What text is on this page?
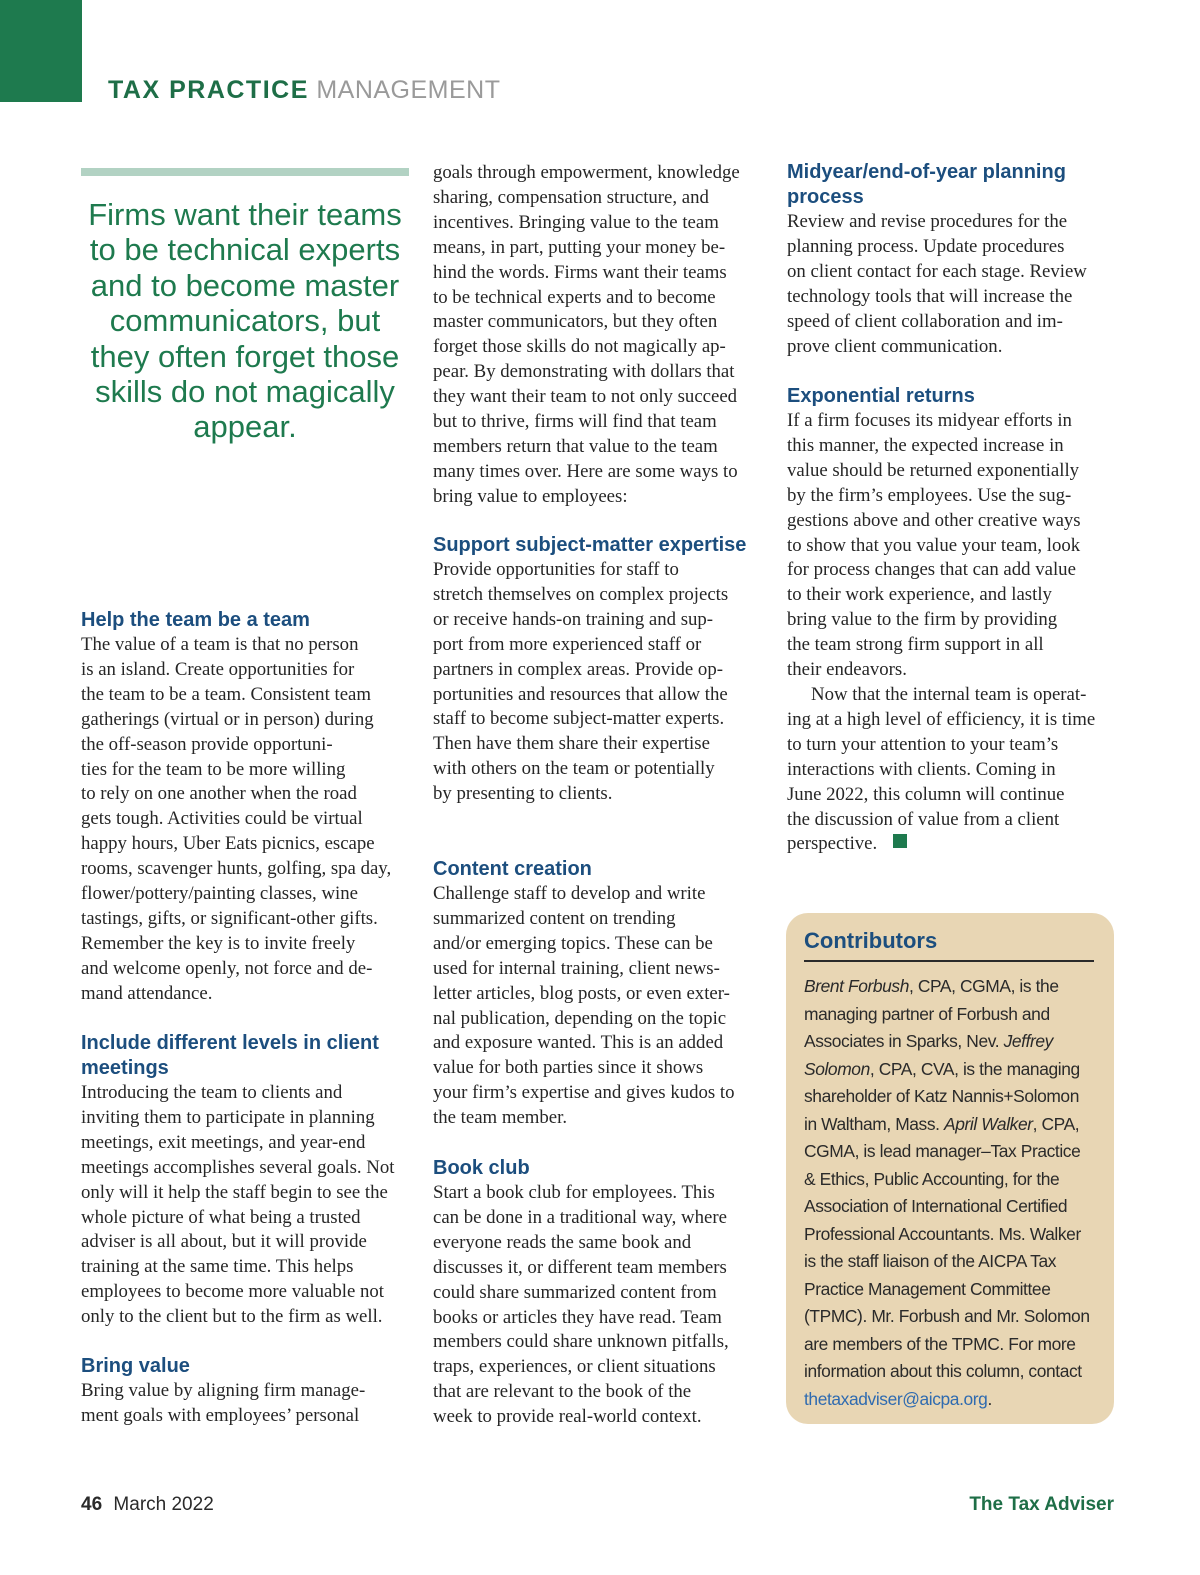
TAX PRACTICE MANAGEMENT
Firms want their teams to be technical experts and to become master communicators, but they often forget those skills do not magically appear.
Help the team be a team

The value of a team is that no person
is an island. Create opportunities for
the team to be a team. Consistent team
gatherings (virtual or in person) during
the off-season provide opportuni-
ties for the team to be more willing
to rely on one another when the road
gets tough. Activities could be virtual
happy hours, Uber Eats picnics, escape
rooms, scavenger hunts, golfing, spa day,
flower/pottery/painting classes, wine
tastings, gifts, or significant-other gifts.
Remember the key is to invite freely
and welcome openly, not force and de-
mand attendance.

Include different levels in client meetings

Introducing the team to clients and
inviting them to participate in planning
meetings, exit meetings, and year-end
meetings accomplishes several goals. Not
only will it help the staff begin to see the
whole picture of what being a trusted
adviser is all about, but it will provide
training at the same time. This helps
employees to become more valuable not
only to the client but to the firm as well.

Bring value

Bring value by aligning firm manage-
ment goals with employees’ personal

goals through empowerment, knowledge
sharing, compensation structure, and
incentives. Bringing value to the team
means, in part, putting your money be-
hind the words. Firms want their teams
to be technical experts and to become
master communicators, but they often
forget those skills do not magically ap-
pear. By demonstrating with dollars that
they want their team to not only succeed
but to thrive, firms will find that team
members return that value to the team
many times over. Here are some ways to
bring value to employees:

Support subject-matter expertise

Provide opportunities for staff to
stretch themselves on complex projects
or receive hands-on training and sup-
port from more experienced staff or
partners in complex areas. Provide op-
portunities and resources that allow the
staff to become subject-matter experts.
Then have them share their expertise
with others on the team or potentially
by presenting to clients.

Content creation

Challenge staff to develop and write
summarized content on trending
and/or emerging topics. These can be
used for internal training, client news-
letter articles, blog posts, or even exter-
nal publication, depending on the topic
and exposure wanted. This is an added
value for both parties since it shows
your firm’s expertise and gives kudos to
the team member.

Book club

Start a book club for employees. This
can be done in a traditional way, where
everyone reads the same book and
discusses it, or different team members
could share summarized content from
books or articles they have read. Team
members could share unknown pitfalls,
traps, experiences, or client situations
that are relevant to the book of the
week to provide real-world context.

Midyear/end-of-year planning process

Review and revise procedures for the
planning process. Update procedures
on client contact for each stage. Review
technology tools that will increase the
speed of client collaboration and im-
prove client communication.

Exponential returns

If a firm focuses its midyear efforts in
this manner, the expected increase in
value should be returned exponentially
by the firm’s employees. Use the sug-
gestions above and other creative ways
to show that you value your team, look
for process changes that can add value
to their work experience, and lastly
bring value to the firm by providing
the team strong firm support in all
their endeavors.

Now that the internal team is operat-
ing at a high level of efficiency, it is time
to turn your attention to your team’s
interactions with clients. Coming in
June 2022, this column will continue
the discussion of value from a client
perspective.

Contributors

Brent Forbush, CPA, CGMA, is the managing partner of Forbush and Associates in Sparks, Nev. Jeffrey Solomon, CPA, CVA, is the managing shareholder of Katz Nannis+Solomon in Waltham, Mass. April Walker, CPA, CGMA, is lead manager–Tax Practice & Ethics, Public Accounting, for the Association of International Certified Professional Accountants. Ms. Walker is the staff liaison of the AICPA Tax Practice Management Committee (TPMC). Mr. Forbush and Mr. Solomon are members of the TPMC. For more information about this column, contact thetaxadviser@aicpa.org.

46 March 2022	The Tax Adviser
